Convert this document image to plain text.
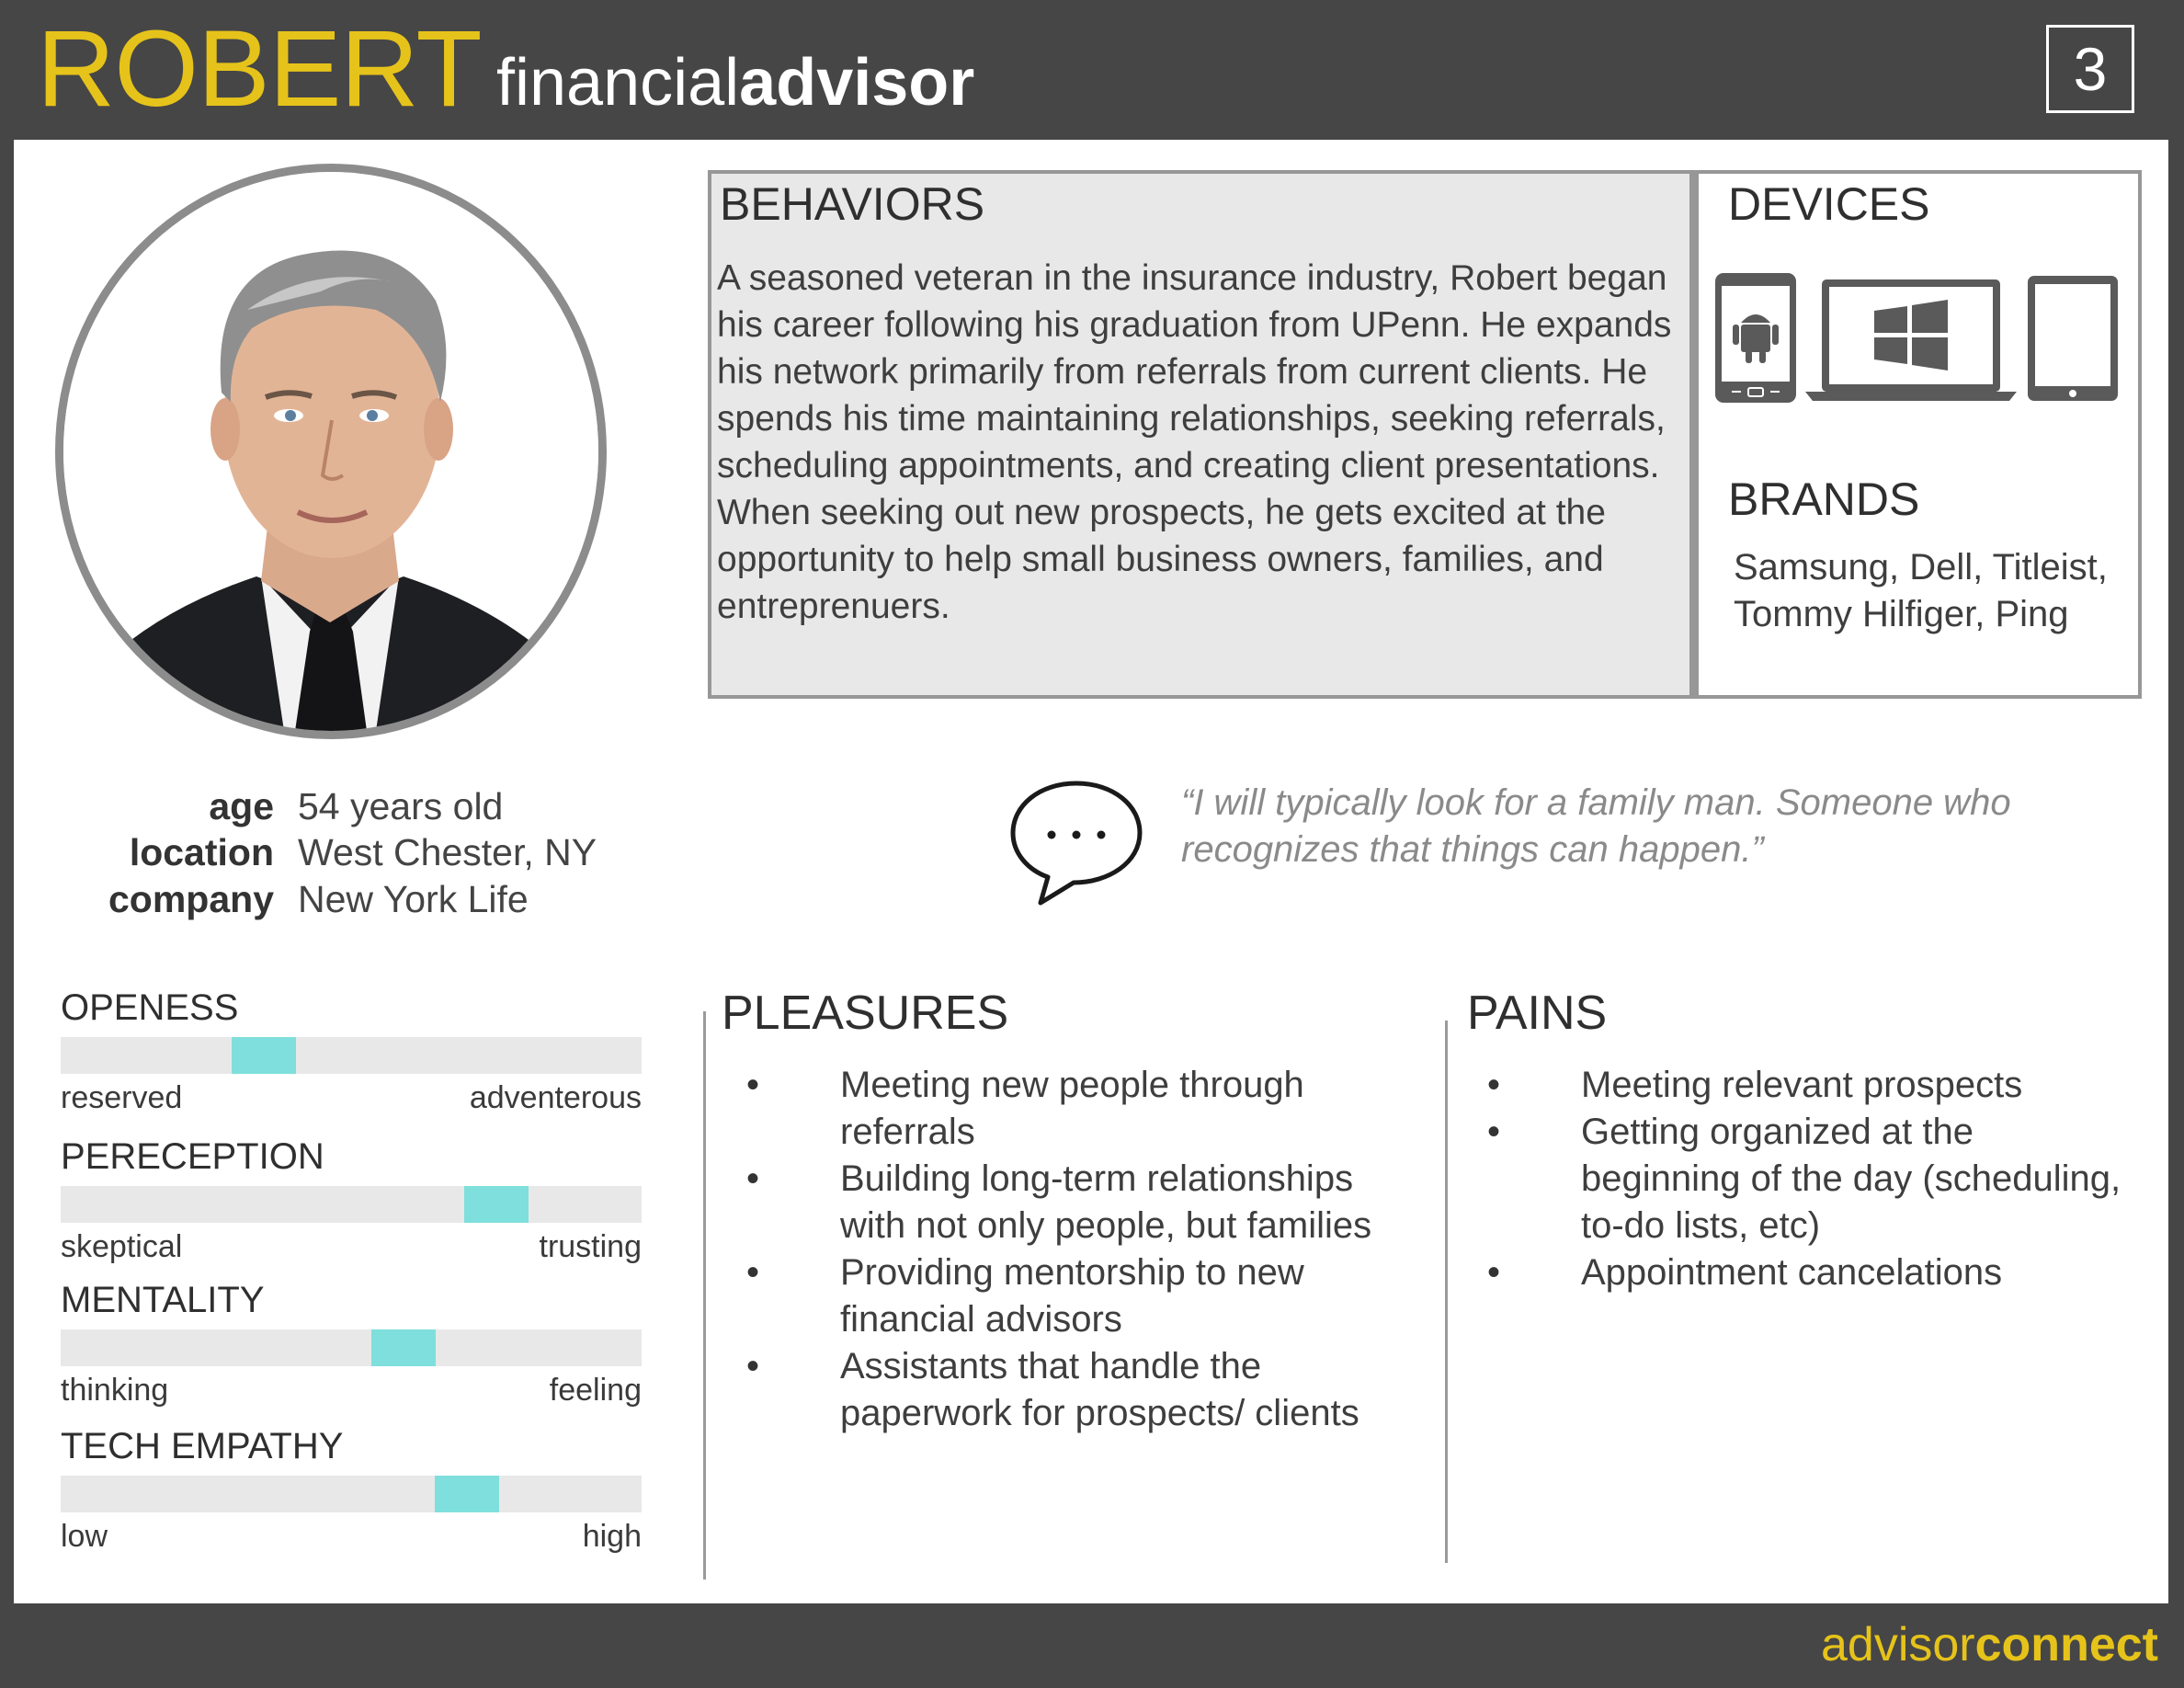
ROBERT financialadvisor	3
age 54 years old
location West Chester, NY
company New York Life
OPENESS
reserved	adventerous
PERECEPTION
skeptical	trusting
MENTALITY
thinking	feeling
TECH EMPATHY
low	high
BEHAVIORS
A seasoned veteran in the insurance industry, Robert began his career following his graduation from UPenn. He expands his network primarily from referrals from current clients. He spends his time maintaining relationships, seeking referrals, scheduling appointments, and creating client presentations. When seeking out new prospects, he gets excited at the opportunity to help small business owners, families, and entreprenuers.
DEVICES
BRANDS
Samsung, Dell, Titleist, Tommy Hilfiger, Ping
“I will typically look for a family man. Someone who recognizes that things can happen.”
PLEASURES
• Meeting new people through referrals
• Building long-term relationships with not only people, but families
• Providing mentorship to new financial advisors
• Assistants that handle the paperwork for prospects/ clients
PAINS
• Meeting relevant prospects
• Getting organized at the beginning of the day (scheduling, to-do lists, etc)
• Appointment cancelations
advisorconnect
